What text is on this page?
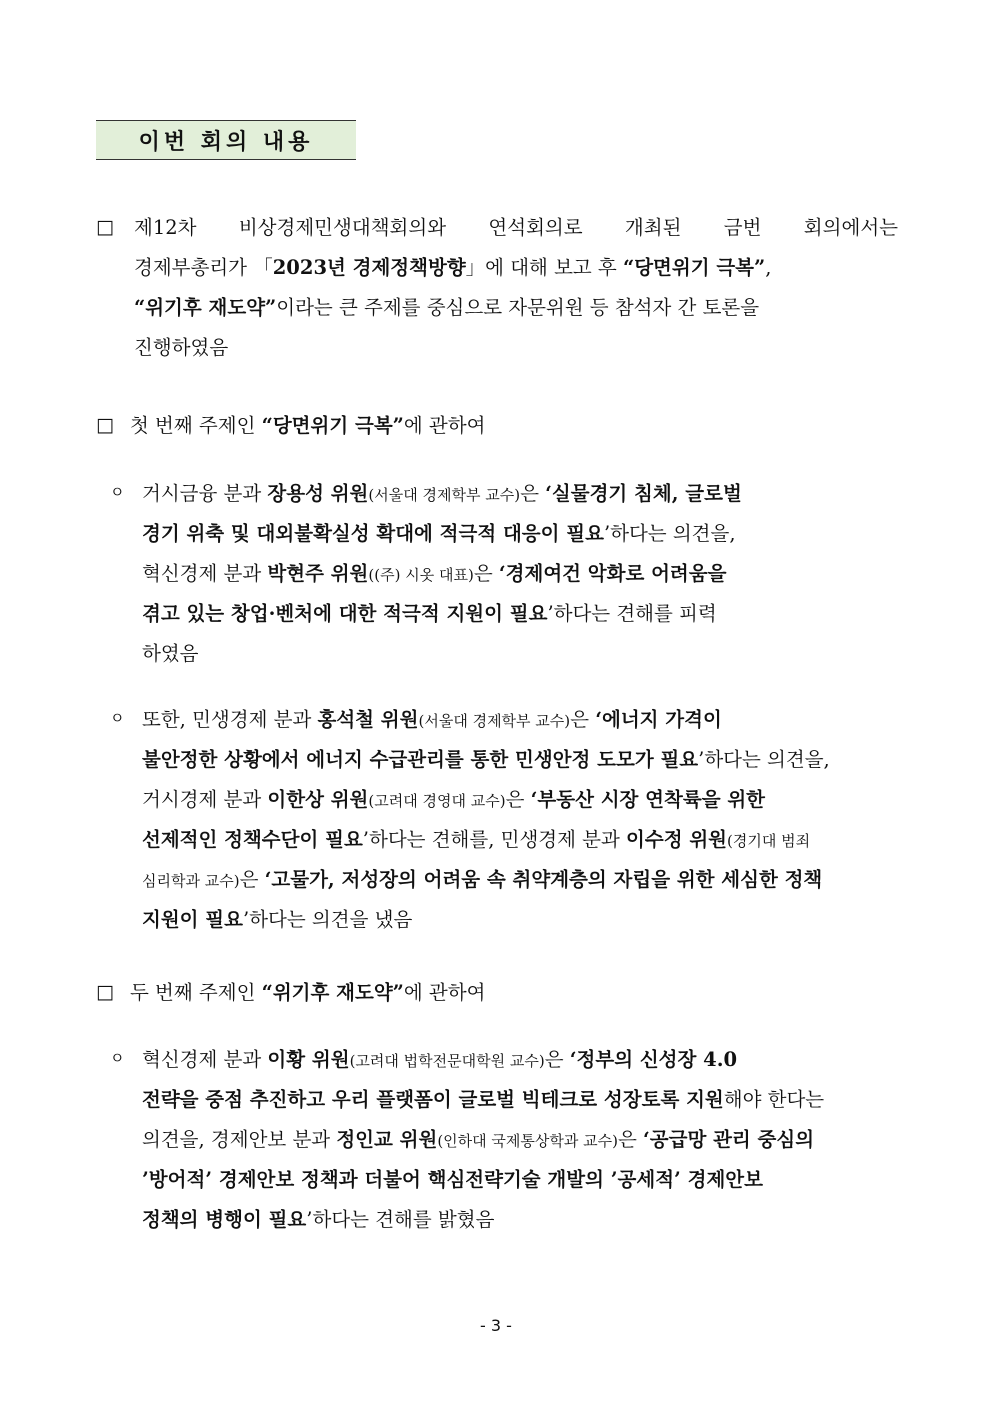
이번 회의 내용
□ 제12차 비상경제민생대책회의와 연석회의로 개최된 금번 회의에서는
경제부총리가 「2023년 경제정책방향」에 대해 보고 후 “당면위기 극복”,
“위기후 재도약”이라는 큰 주제를 중심으로 자문위원 등 참석자 간 토론을
진행하였음
□ 첫 번째 주제인 “당면위기 극복”에 관하여
ㅇ 거시금융 분과 장용성 위원(서울대 경제학부 교수)은 ‘실물경기 침체, 글로벌
경기 위축 및 대외불확실성 확대에 적극적 대응이 필요’하다는 의견을,
혁신경제 분과 박현주 위원((주) 시옷 대표)은 ‘경제여건 악화로 어려움을
겪고 있는 창업·벤처에 대한 적극적 지원이 필요’하다는 견해를 피력
하였음
ㅇ 또한, 민생경제 분과 홍석철 위원(서울대 경제학부 교수)은 ‘에너지 가격이
불안정한 상황에서 에너지 수급관리를 통한 민생안정 도모가 필요’하다는 의견을,
거시경제 분과 이한상 위원(고려대 경영대 교수)은 ‘부동산 시장 연착륙을 위한
선제적인 정책수단이 필요’하다는 견해를, 민생경제 분과 이수정 위원(경기대 범죄
심리학과 교수)은 ‘고물가, 저성장의 어려움 속 취약계층의 자립을 위한 세심한 정책
지원이 필요’하다는 의견을 냈음
□ 두 번째 주제인 “위기후 재도약”에 관하여
ㅇ 혁신경제 분과 이황 위원(고려대 법학전문대학원 교수)은 ‘정부의 신성장 4.0
전략을 중점 추진하고 우리 플랫폼이 글로벌 빅테크로 성장토록 지원해야 한다는
의견을, 경제안보 분과 정인교 위원(인하대 국제통상학과 교수)은 ‘공급망 관리 중심의
’방어적’ 경제안보 정책과 더불어 핵심전략기술 개발의 ’공세적’ 경제안보
정책의 병행이 필요’하다는 견해를 밝혔음
- 3 -
